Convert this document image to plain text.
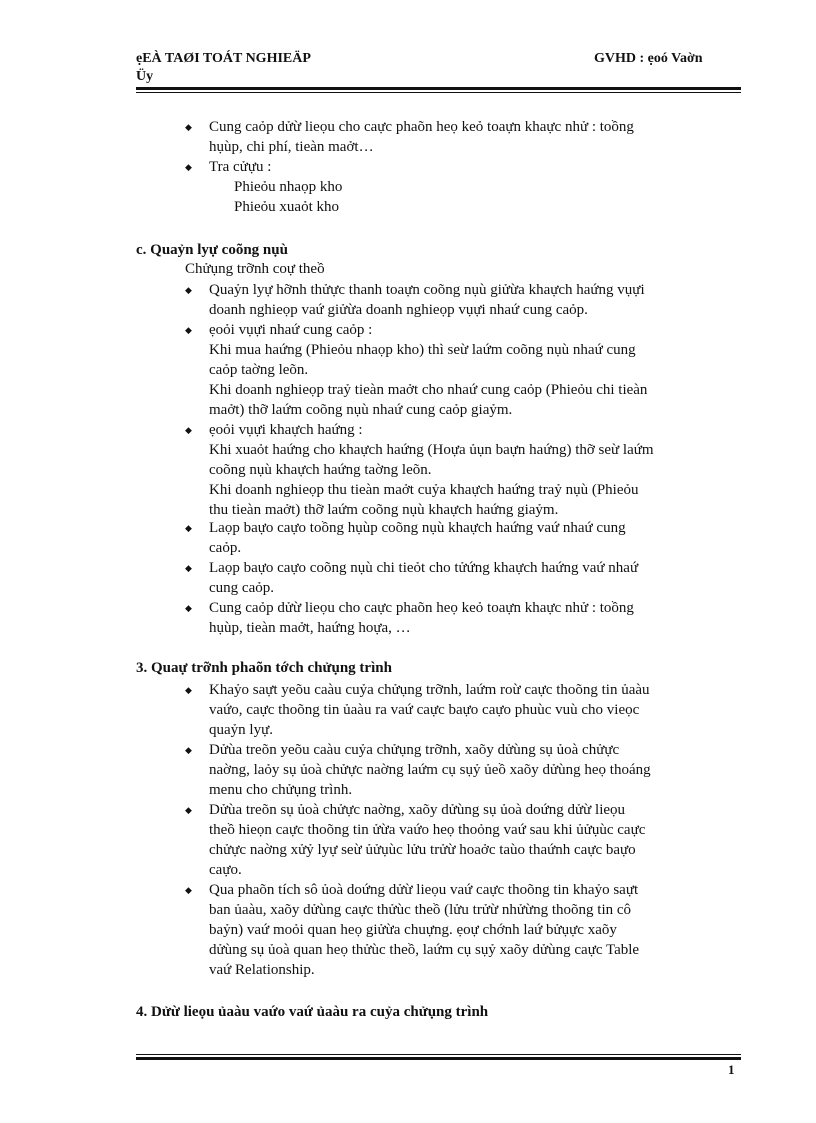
ẹEÀ TAØI TOÁT NGHIEÄP
Üy
GVHD : ẹoó Vaờn
◆ Cung caỏp dửừ lieọu cho caực phaõn heọ keỏ toaựn khaực nhử : toồng
hụùp, chi phí, tieàn maởt…
◆ Tra cửựu :
Phieỏu nhaọp kho
Phieỏu xuaỏt kho
c. Quaỷn lyự coõng nụù
Chửụng trỡnh coự theồ
◆ Quaỷn lyự hỡnh thửực thanh toaựn coõng nụù giửừa khaựch haứng vụựi
doanh nghieọp vaứ giửừa doanh nghieọp vụựi nhaứ cung caỏp.
◆ ẹoỏi vụựi nhaứ cung caỏp :
Khi mua haứng (Phieỏu nhaọp kho) thì seừ laứm coõng nụù nhaứ cung
caỏp taờng leõn.
Khi doanh nghieọp traỷ tieàn maởt cho nhaứ cung caỏp (Phieỏu chi tieàn
maởt) thỡ laứm coõng nụù nhaứ cung caỏp giaỷm.
◆ ẹoỏi vụựi khaựch haứng :
Khi xuaỏt haứng cho khaựch haứng (Hoựa ủụn baựn haứng) thỡ seừ laứm
coõng nụù khaựch haứng taờng leõn.
Khi doanh nghieọp thu tieàn maởt cuỷa khaựch haứng traỷ nụù (Phieỏu
thu tieàn maởt) thỡ laứm coõng nụù khaựch haứng giaỷm.
◆ Laọp baựo caựo toồng hụùp coõng nụù khaựch haứng vaứ nhaứ cung
caỏp.
◆ Laọp baựo caựo coõng nụù chi tieỏt cho tửứng khaựch haứng vaứ nhaứ
cung caỏp.
◆ Cung caỏp dửừ lieọu cho caực phaõn heọ keỏ toaựn khaực nhử : toồng
hụùp, tieàn maởt, haứng hoựa, …
3. Quaự trỡnh phaõn tớch chửụng trình
◆ Khaỷo saựt yeõu caàu cuỷa chửụng trỡnh, laứm roừ caực thoõng tin ủaàu
vaứo, caực thoõng tin ủaàu ra vaứ caực baựo caựo phuùc vuù cho vieọc
quaỷn lyự.
◆ Dửùa treõn yeõu caàu cuỷa chửụng trỡnh, xaõy dửùng sụ ủoà chửực
naờng, laỏy sụ ủoà chửực naờng laứm cụ sụỷ ủeồ xaõy dửùng heọ thoáng
menu cho chửụng trình.
◆ Dửùa treõn sụ ủoà chửực naờng, xaõy dửùng sụ ủoà doứng dửừ lieọu
theồ hieọn caực thoõng tin ửừa vaứo heọ thoỏng vaứ sau khi ủửụùc caực
chửực naờng xửỷ lyự seừ ủửụùc lửu trửừ hoaởc taùo thaứnh caực baựo
caựo.
◆ Qua phaõn tích sô ủoà doứng dửừ lieọu vaứ caực thoõng tin khaỷo saựt
ban ủaàu, xaõy dửùng caực thửùc theồ (lửu trửừ nhửừng thoõng tin cô
baỷn) vaứ moỏi quan heọ giửừa chuựng. ẹoự chớnh laứ bửụực xaõy
dửùng sụ ủoà quan heọ thửùc theồ, laứm cụ sụỷ xaõy dửùng caực Table
vaứ Relationship.
4. Dửừ lieọu ủaàu vaứo vaứ ủaàu ra cuỷa chửụng trình
1
